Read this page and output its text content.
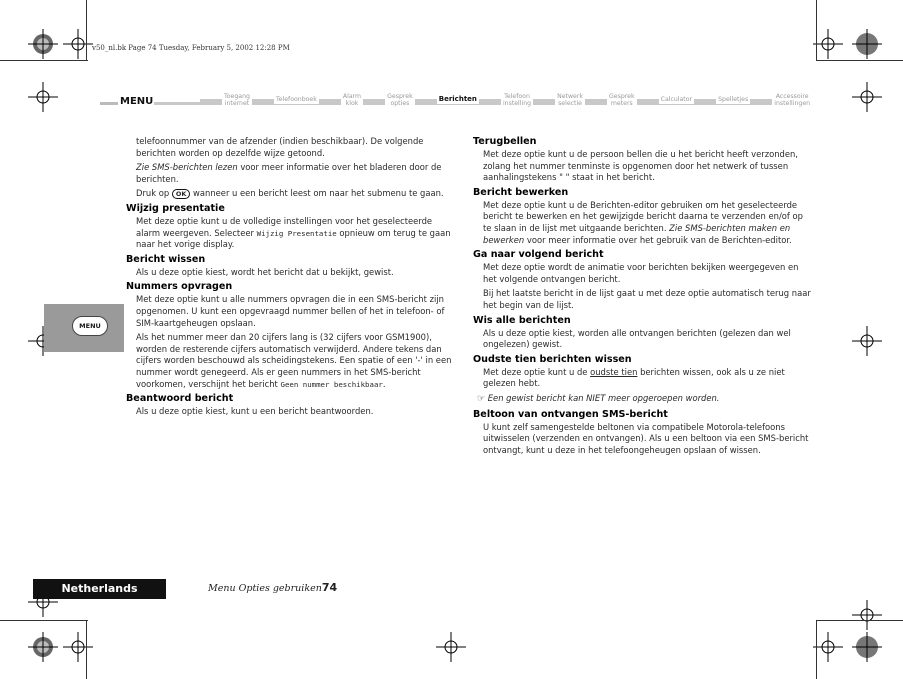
v50_nl.bk Page 74 Tuesday, February 5, 2002 12:28 PM
MENU	Toegang
internet
Telefoonboek
Alarm
klok
Gesprek
opties
Berichten	Telefoon
instelling
Netwerk
selectie
Gesprek
meters
Calculator	Spelletjes
Accessoire
instellingen

telefoonnummer van de afzender (indien beschikbaar). De volgende berichten worden op dezelfde wijze getoond.

Zie SMS-berichten lezen voor meer informatie over het bladeren door de berichten.

Druk op OK wanneer u een bericht leest om naar het submenu te gaan.

Wijzig presentatie

Met deze optie kunt u de volledige instellingen voor het geselecteerde alarm weergeven. Selecteer Wijzig Presentatie opnieuw om terug te gaan naar het vorige display.

Bericht wissen

Als u deze optie kiest, wordt het bericht dat u bekijkt, gewist.

Nummers opvragen

Met deze optie kunt u alle nummers opvragen die in een SMS-bericht zijn opgenomen. U kunt een opgevraagd nummer bellen of het in telefoon- of SIM-kaartgeheugen opslaan.

Als het nummer meer dan 20 cijfers lang is (32 cijfers voor GSM1900), worden de resterende cijfers automatisch verwijderd. Andere tekens dan cijfers worden beschouwd als scheidingstekens. Een spatie of een '-' in een nummer wordt genegeerd. Als er geen nummers in het SMS-bericht voorkomen, verschijnt het bericht Geen nummer beschikbaar.

Beantwoord bericht

Als u deze optie kiest, kunt u een bericht beantwoorden.

Terugbellen

Met deze optie kunt u de persoon bellen die u het bericht heeft verzonden, zolang het nummer tenminste is opgenomen door het netwerk of tussen aanhalingstekens " " staat in het bericht.

Bericht bewerken

Met deze optie kunt u de Berichten-editor gebruiken om het geselecteerde bericht te bewerken en het gewijzigde bericht daarna te verzenden en/of op te slaan in de lijst met uitgaande berichten. Zie SMS-berichten maken en bewerken voor meer informatie over het gebruik van de Berichten-editor.

Ga naar volgend bericht

Met deze optie wordt de animatie voor berichten bekijken weergegeven en het volgende ontvangen bericht.

Bij het laatste bericht in de lijst gaat u met deze optie automatisch terug naar het begin van de lijst.

Wis alle berichten

Als u deze optie kiest, worden alle ontvangen berichten (gelezen dan wel ongelezen) gewist.

Oudste tien berichten wissen

Met deze optie kunt u de oudste tien berichten wissen, ook als u ze niet gelezen hebt.

☞ Een gewist bericht kan NIET meer opgeroepen worden.

Beltoon van ontvangen SMS-bericht

U kunt zelf samengestelde beltonen via compatibele Motorola-telefoons uitwisselen (verzenden en ontvangen). Als u een beltoon via een SMS-bericht ontvangt, kunt u deze in het telefoongeheugen opslaan of wissen.

MENU
Netherlands	Menu Opties gebruiken74
